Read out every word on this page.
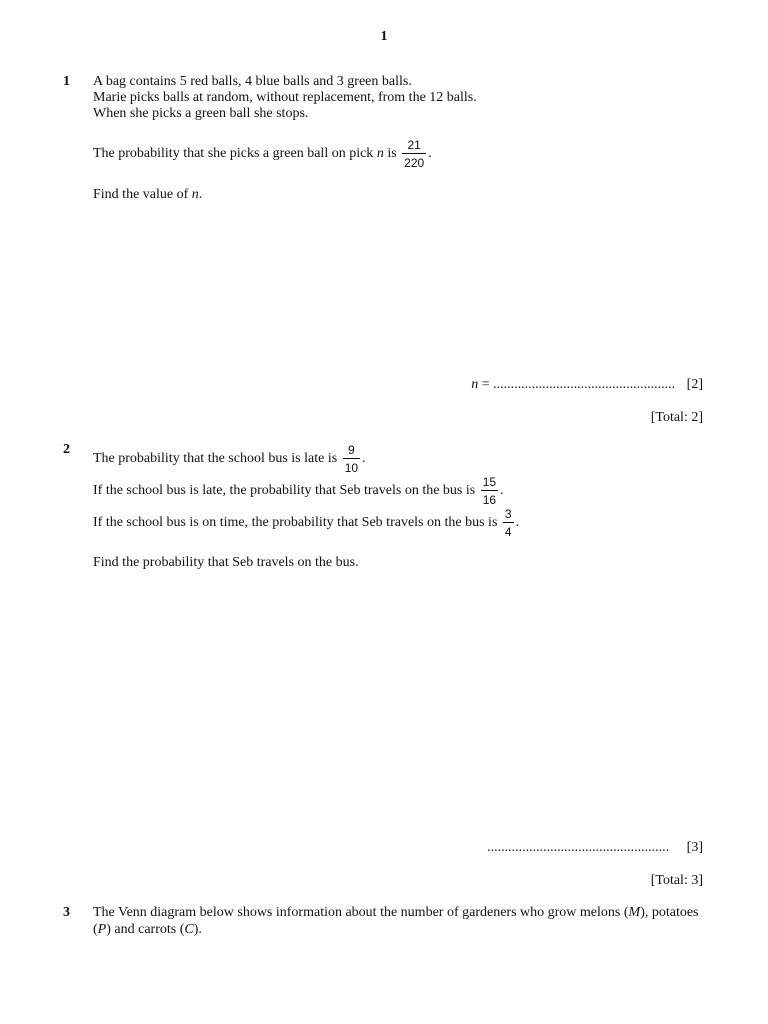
1
1 A bag contains 5 red balls, 4 blue balls and 3 green balls.
Marie picks balls at random, without replacement, from the 12 balls.
When she picks a green ball she stops.
The probability that she picks a green ball on pick n is $\frac{21}{220}$ .
Find the value of n.
n = .................................................... [2]
[Total: 2]
2
The probability that the school bus is late is $\frac{9}{10}$ .
If the school bus is late, the probability that Seb travels on the bus is $\frac{15}{16}$ .
If the school bus is on time, the probability that Seb travels on the bus is $\frac{3}{4}$ .
Find the probability that Seb travels on the bus.
.................................................... [3]
[Total: 3]
3 The Venn diagram below shows information about the number of gardeners who grow melons (M), potatoes
(P) and carrots (C).
